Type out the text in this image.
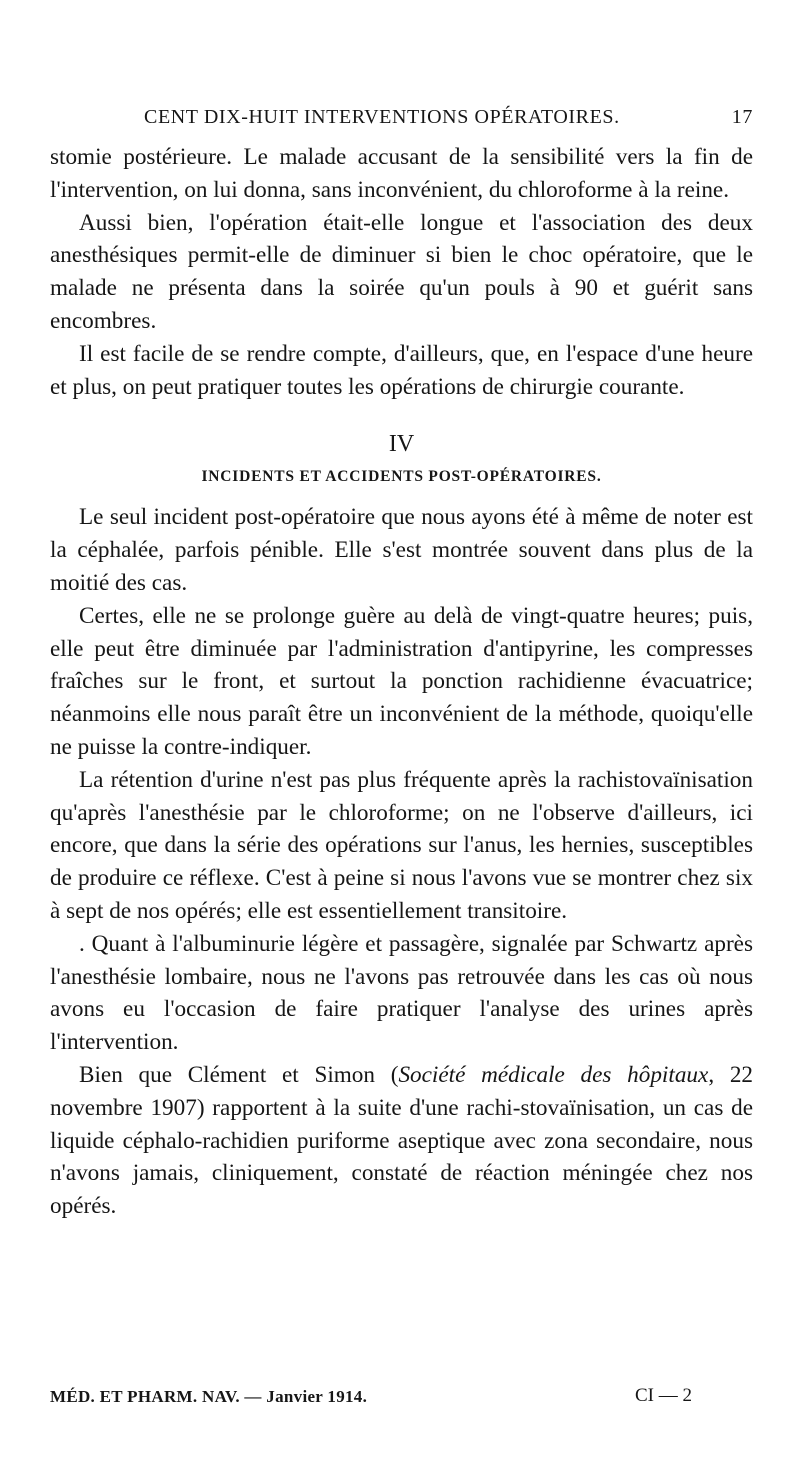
CENT DIX-HUIT INTERVENTIONS OPÉRATOIRES.	17

stomie postérieure. Le malade accusant de la sensibilité vers la fin de l'intervention, on lui donna, sans inconvénient, du chloroforme à la reine.

Aussi bien, l'opération était-elle longue et l'association des deux anesthésiques permit-elle de diminuer si bien le choc opératoire, que le malade ne présenta dans la soirée qu'un pouls à 90 et guérit sans encombres.

Il est facile de se rendre compte, d'ailleurs, que, en l'espace d'une heure et plus, on peut pratiquer toutes les opérations de chirurgie courante.

IV
INCIDENTS ET ACCIDENTS POST-OPÉRATOIRES.

Le seul incident post-opératoire que nous ayons été à même de noter est la céphalée, parfois pénible. Elle s'est montrée souvent dans plus de la moitié des cas.

Certes, elle ne se prolonge guère au delà de vingt-quatre heures; puis, elle peut être diminuée par l'administration d'antipyrine, les compresses fraîches sur le front, et surtout la ponction rachidienne évacuatrice; néanmoins elle nous paraît être un inconvénient de la méthode, quoiqu'elle ne puisse la contre-indiquer.

La rétention d'urine n'est pas plus fréquente après la rachistovaïnisation qu'après l'anesthésie par le chloroforme; on ne l'observe d'ailleurs, ici encore, que dans la série des opérations sur l'anus, les hernies, susceptibles de produire ce réflexe. C'est à peine si nous l'avons vue se montrer chez six à sept de nos opérés; elle est essentiellement transitoire.

. Quant à l'albuminurie légère et passagère, signalée par Schwartz après l'anesthésie lombaire, nous ne l'avons pas retrouvée dans les cas où nous avons eu l'occasion de faire pratiquer l'analyse des urines après l'intervention.

Bien que Clément et Simon (Société médicale des hôpitaux, 22 novembre 1907) rapportent à la suite d'une rachi-stovaïnisation, un cas de liquide céphalo-rachidien puriforme aseptique avec zona secondaire, nous n'avons jamais, cliniquement, constaté de réaction méningée chez nos opérés.

MÉD. ET PHARM. NAV. — Janvier 1914.	CI — 2
